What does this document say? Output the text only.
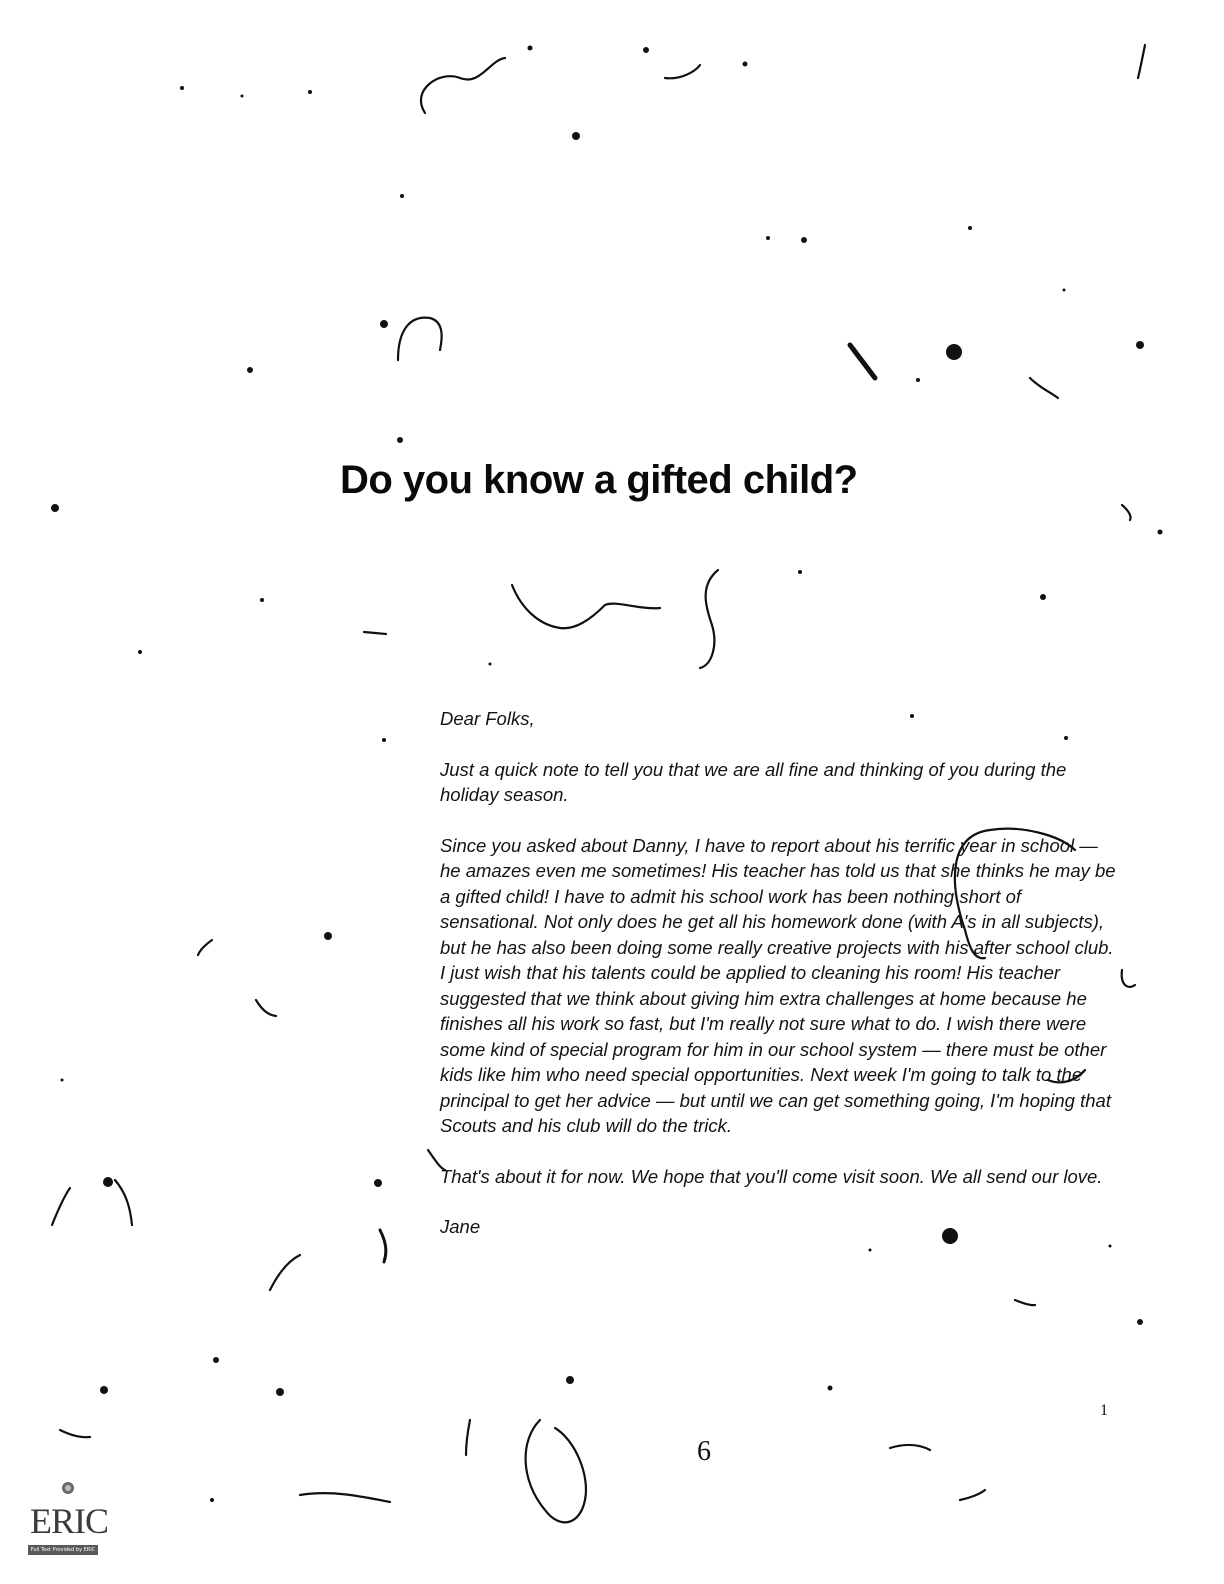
Do you know a gifted child?

Dear Folks,

Just a quick note to tell you that we are all fine and thinking of you during the holiday season.

Since you asked about Danny, I have to report about his terrific year in school — he amazes even me sometimes! His teacher has told us that she thinks he may be a gifted child! I have to admit his school work has been nothing short of sensational. Not only does he get all his homework done (with A's in all subjects), but he has also been doing some really creative projects with his after school club. I just wish that his talents could be applied to cleaning his room! His teacher suggested that we think about giving him extra challenges at home because he finishes all his work so fast, but I'm really not sure what to do. I wish there were some kind of special program for him in our school system — there must be other kids like him who need special opportunities. Next week I'm going to talk to the principal to get her advice — but until we can get something going, I'm hoping that Scouts and his club will do the trick.

That's about it for now. We hope that you'll come visit soon. We all send our love.

Jane

1
6
ERIC
Full Text Provided by ERIC
